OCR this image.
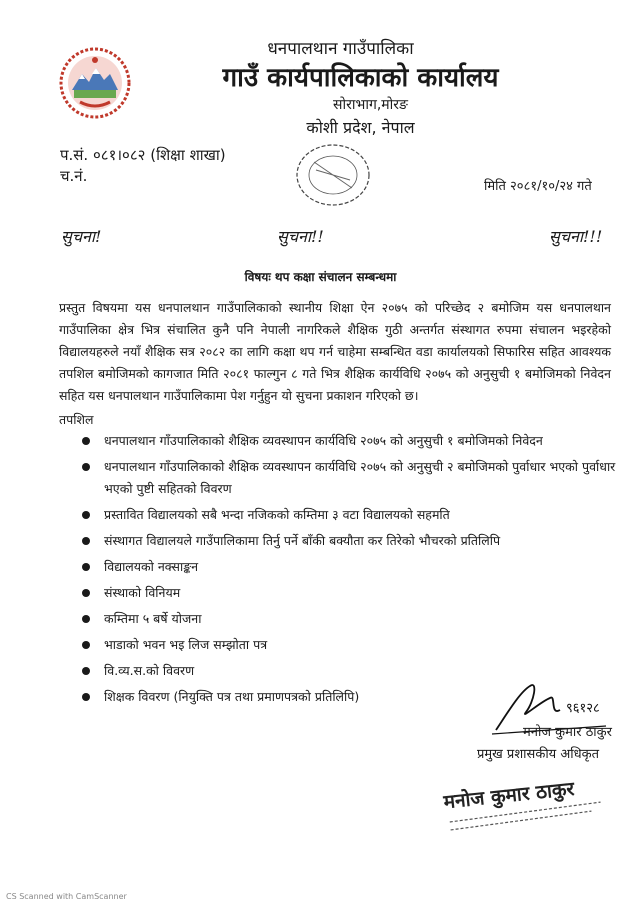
धनपालथान गाउँपालिका
गाउँ कार्यपालिकाको कार्यालय
सोराभाग,मोरङ
कोशी प्रदेश, नेपाल
प.सं. ०८१।०८२ (शिक्षा शाखा)
च.नं.
मिति २०८१/१०/२४ गते
सुचना!	सुचना!!	सुचना!!!
विषयः थप कक्षा संचालन सम्बन्धमा

प्रस्तुत विषयमा यस धनपालथान गाउँपालिकाको स्थानीय शिक्षा ऐन २०७५ को परिच्छेद २ बमोजिम यस धनपालथान गाउँपालिका क्षेत्र भित्र संचालित कुनै पनि नेपाली नागरिकले शैक्षिक गुठी अन्तर्गत संस्थागत रुपमा संचालन भइरहेको विद्यालयहरुले नयाँ शैक्षिक सत्र २०८२ का लागि कक्षा थप गर्न चाहेमा सम्बन्धित वडा कार्यालयको सिफारिस सहित आवश्यक तपशिल बमोजिमको कागजात मिति २०८१ फाल्गुन ८ गते भित्र शैक्षिक कार्यविधि २०७५ को अनुसुची १ बमोजिमको निवेदन सहित यस धनपालथान गाउँपालिकामा पेश गर्नुहुन यो सुचना प्रकाशन गरिएको छ।

तपशिल
धनपालथान गाँउपालिकाको शैक्षिक व्यवस्थापन कार्यविधि २०७५ को अनुसुची १ बमोजिमको निवेदन
धनपालथान गाँउपालिकाको शैक्षिक व्यवस्थापन कार्यविधि २०७५ को अनुसुची २ बमोजिमको पुर्वाधार भएको पुर्वाधार भएको पुष्टी सहितको विवरण
प्रस्तावित विद्यालयको सबै भन्दा नजिकको कम्तिमा ३ वटा विद्यालयको सहमति
संस्थागत विद्यालयले गाउँपालिकामा तिर्नु पर्ने बाँकी बक्यौता कर तिरेको भौचरको प्रतिलिपि
विद्यालयको नक्साङ्कन
संस्थाको विनियम
कम्तिमा ५ बर्षे योजना
भाडाको भवन भइ लिज सम्झोता पत्र
वि.व्य.स.को विवरण
शिक्षक विवरण (नियुक्ति पत्र तथा प्रमाणपत्रको प्रतिलिपि)
९६१२८
मनोज कुमार ठाकुर
प्रमुख प्रशासकीय अधिकृत
मनोज कुमार ठाकुर
CS Scanned with CamScanner
